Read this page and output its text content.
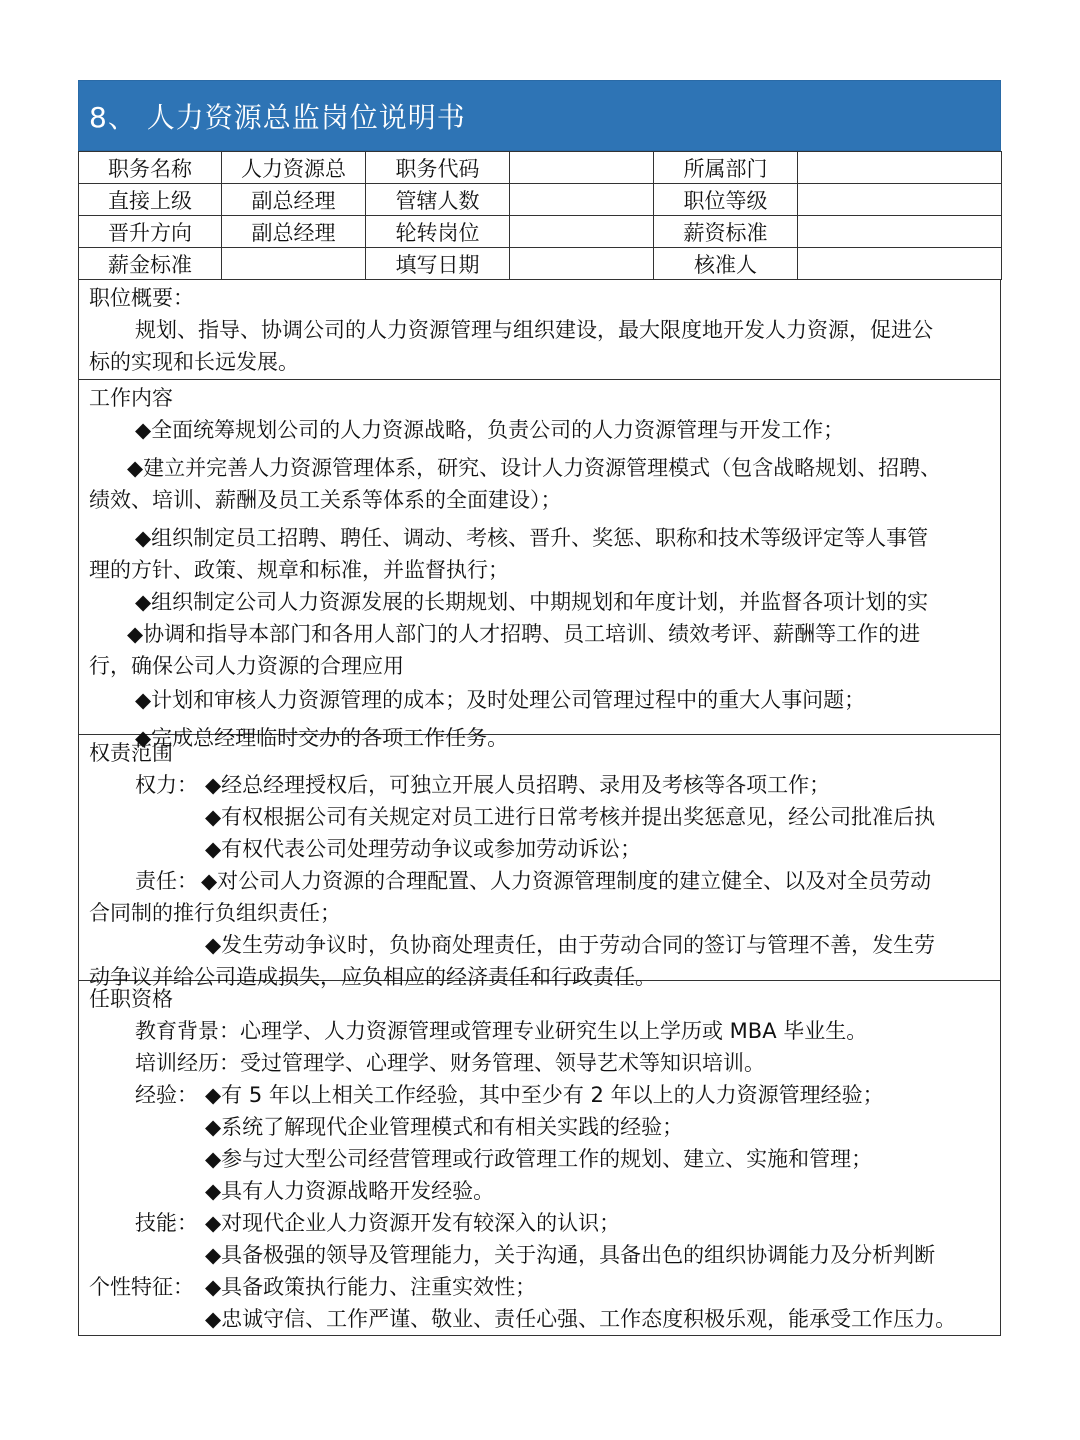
8、 人力资源总监岗位说明书
职务名称	人力资源总	职务代码		所属部门	
直接上级	副总经理	管辖人数		职位等级	
晋升方向	副总经理	轮转岗位		薪资标准	
薪金标准		填写日期		核准人	
职位概要：
规划、指导、协调公司的人力资源管理与组织建设，最大限度地开发人力资源，促进公
标的实现和长远发展。
工作内容
◆全面统筹规划公司的人力资源战略，负责公司的人力资源管理与开发工作；
◆建立并完善人力资源管理体系，研究、设计人力资源管理模式（包含战略规划、招聘、
绩效、培训、薪酬及员工关系等体系的全面建设）；
◆组织制定员工招聘、聘任、调动、考核、晋升、奖惩、职称和技术等级评定等人事管
理的方针、政策、规章和标准，并监督执行；
◆组织制定公司人力资源发展的长期规划、中期规划和年度计划，并监督各项计划的实
◆协调和指导本部门和各用人部门的人才招聘、员工培训、绩效考评、薪酬等工作的进
行，确保公司人力资源的合理应用
◆计划和审核人力资源管理的成本；及时处理公司管理过程中的重大人事问题；
◆完成总经理临时交办的各项工作任务。
权责范围
权力： ◆经总经理授权后，可独立开展人员招聘、录用及考核等各项工作；
◆有权根据公司有关规定对员工进行日常考核并提出奖惩意见，经公司批准后执
◆有权代表公司处理劳动争议或参加劳动诉讼；
责任： ◆对公司人力资源的合理配置、人力资源管理制度的建立健全、以及对全员劳动
合同制的推行负组织责任；
◆发生劳动争议时，负协商处理责任，由于劳动合同的签订与管理不善，发生劳
动争议并给公司造成损失，应负相应的经济责任和行政责任。
任职资格
教育背景：心理学、人力资源管理或管理专业研究生以上学历或 MBA 毕业生。
培训经历：受过管理学、心理学、财务管理、领导艺术等知识培训。
经验： ◆有 5 年以上相关工作经验，其中至少有 2 年以上的人力资源管理经验；
◆系统了解现代企业管理模式和有相关实践的经验；
◆参与过大型公司经营管理或行政管理工作的规划、建立、实施和管理；
◆具有人力资源战略开发经验。
技能： ◆对现代企业人力资源开发有较深入的认识；
◆具备极强的领导及管理能力，关于沟通，具备出色的组织协调能力及分析判断
个性特征： ◆具备政策执行能力、注重实效性；
◆忠诚守信、工作严谨、敬业、责任心强、工作态度积极乐观，能承受工作压力。
